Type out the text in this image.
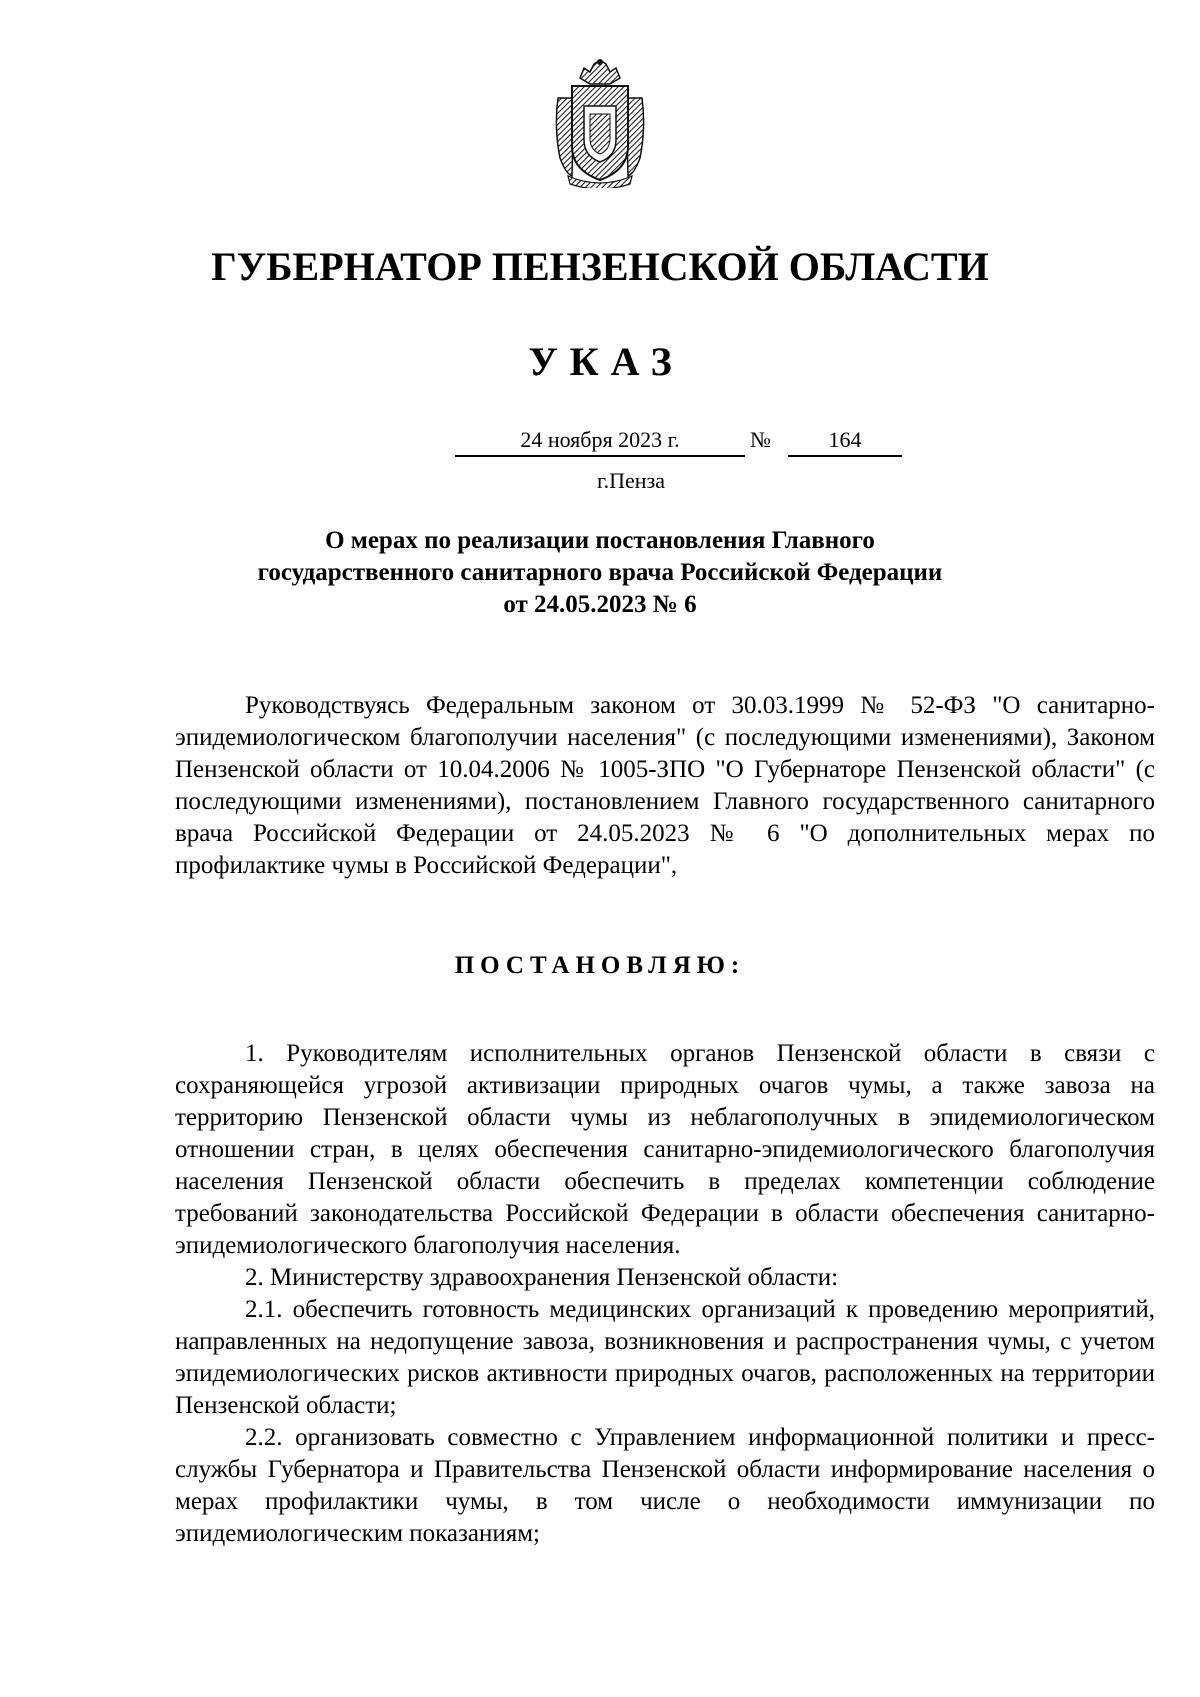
ГУБЕРНАТОР ПЕНЗЕНСКОЙ ОБЛАСТИ
УКАЗ
24 ноября 2023 г.	№	164
г.Пенза
О мерах по реализации постановления Главного
государственного санитарного врача Российской Федерации
от 24.05.2023 № 6

Руководствуясь Федеральным законом от 30.03.1999 № 52-ФЗ "О санитарно-эпидемиологическом благополучии населения" (с последующими изменениями), Законом Пензенской области от 10.04.2006 № 1005-ЗПО "О Губернаторе Пензенской области" (с последующими изменениями), постановлением Главного государственного санитарного врача Российской Федерации от 24.05.2023 № 6 "О дополнительных мерах по профилактике чумы в Российской Федерации",

ПОСТАНОВЛЯЮ:

1. Руководителям исполнительных органов Пензенской области в связи с сохраняющейся угрозой активизации природных очагов чумы, а также завоза на территорию Пензенской области чумы из неблагополучных в эпидемиологическом отношении стран, в целях обеспечения санитарно-эпидемиологического благополучия населения Пензенской области обеспечить в пределах компетенции соблюдение требований законодательства Российской Федерации в области обеспечения санитарно-эпидемиологического благополучия населения.

2. Министерству здравоохранения Пензенской области:

2.1. обеспечить готовность медицинских организаций к проведению мероприятий, направленных на недопущение завоза, возникновения и распространения чумы, с учетом эпидемиологических рисков активности природных очагов, расположенных на территории Пензенской области;

2.2. организовать совместно с Управлением информационной политики и пресс-службы Губернатора и Правительства Пензенской области информирование населения о мерах профилактики чумы, в том числе о необходимости иммунизации по эпидемиологическим показаниям;
